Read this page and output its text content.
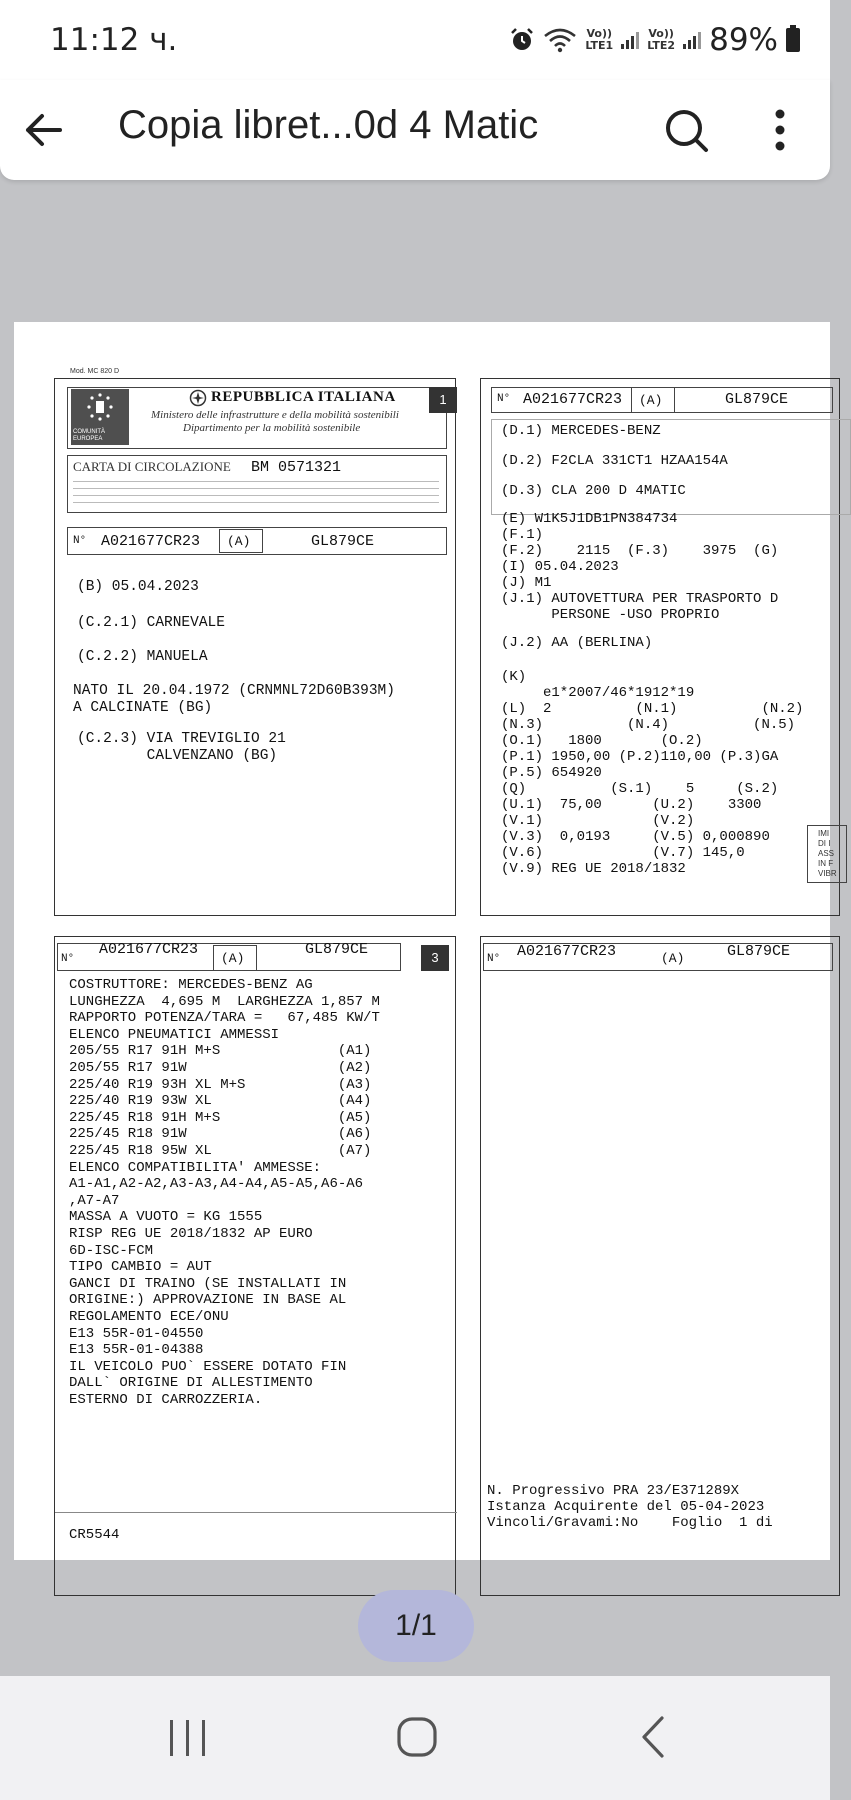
11:12 ч.	Vo))
LTE1
Vo))
LTE2 89%
Copia libret...0d 4 Matic
Mod. MC 820 D
COMUNITÀ EUROPEA
REPUBBLICA ITALIANA
Ministero delle infrastrutture e della mobilità sostenibili
Dipartimento per la mobilità sostenibile
1
CARTA DI CIRCOLAZIONE BM 0571321
N° A021677CR23 (A)	GL879CE
(B) 05.04.2023
(C.2.1) CARNEVALE
(C.2.2) MANUELA
NATO IL 20.04.1972 (CRNMNL72D60B393M)
A CALCINATE (BG)
(C.2.3) VIA TREVIGLIO 21
CALVENZANO (BG)
N° A021677CR23 (A)	GL879CE
(D.1) MERCEDES-BENZ
(D.2) F2CLA 331CT1 HZAA154A
(D.3) CLA 200 D 4MATIC
(E) W1K5J1DB1PN384734
(F.1)
(F.2)    2115  (F.3)    3975  (G)
(I) 05.04.2023
(J) M1
(J.1) AUTOVETTURA PER TRASPORTO D
PERSONE -USO PROPRIO
(J.2) AA (BERLINA)
(K)
e1*2007/46*1912*19
(L)  2          (N.1)          (N.2)
(N.3)          (N.4)          (N.5)
(O.1)   1800       (O.2)
(P.1) 1950,00 (P.2)110,00 (P.3)GA
(P.5) 654920
(Q)          (S.1)    5     (S.2)
(U.1)  75,00      (U.2)    3300
(V.1)             (V.2)
(V.3)  0,0193     (V.5) 0,000890
(V.6)             (V.7) 145,0
(V.9) REG UE 2018/1832
IMI
DI I
ASS
IN F
VIBR
N°
A021677CR23
(A)
GL879CE	3
COSTRUTTORE: MERCEDES-BENZ AG
LUNGHEZZA  4,695 M  LARGHEZZA 1,857 M
RAPPORTO POTENZA/TARA =   67,485 KW/T
ELENCO PNEUMATICI AMMESSI
205/55 R17 91H M+S              (A1)
205/55 R17 91W                  (A2)
225/40 R19 93H XL M+S           (A3)
225/40 R19 93W XL               (A4)
225/45 R18 91H M+S              (A5)
225/45 R18 91W                  (A6)
225/45 R18 95W XL               (A7)
ELENCO COMPATIBILITA' AMMESSE:
A1-A1,A2-A2,A3-A3,A4-A4,A5-A5,A6-A6
,A7-A7
MASSA A VUOTO = KG 1555
RISP REG UE 2018/1832 AP EURO
6D-ISC-FCM
TIPO CAMBIO = AUT
GANCI DI TRAINO (SE INSTALLATI IN
ORIGINE:) APPROVAZIONE IN BASE AL
REGOLAMENTO ECE/ONU
E13 55R-01-04550
E13 55R-01-04388
IL VEICOLO PUO` ESSERE DOTATO FIN
DALL` ORIGINE DI ALLESTIMENTO
ESTERNO DI CARROZZERIA.
CR5544
N° A021677CR23	(A)	GL879CE
N. Progressivo PRA 23/E371289X
Istanza Acquirente del 05-04-2023
Vincoli/Gravami:No    Foglio  1 di
1/1
